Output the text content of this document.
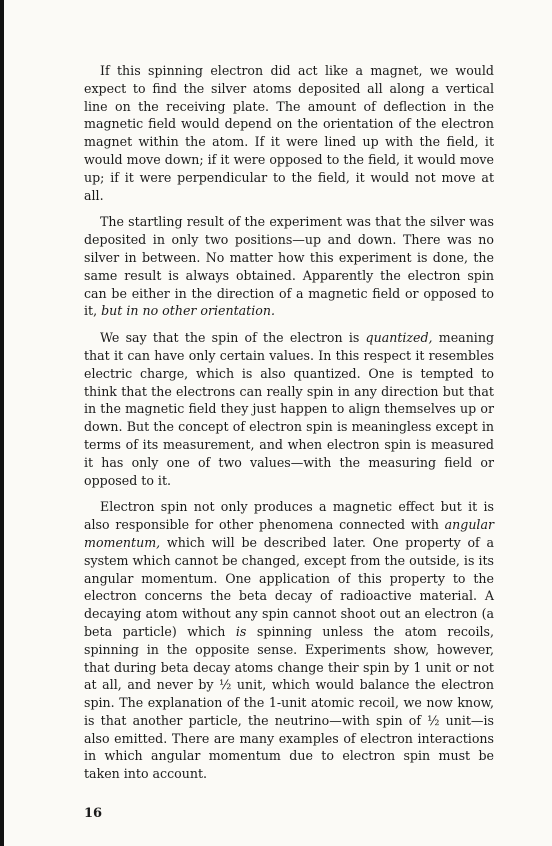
If this spinning electron did act like a magnet, we would expect to find the silver atoms deposited all along a vertical line on the receiving plate. The amount of deflection in the magnetic field would depend on the orientation of the electron magnet within the atom. If it were lined up with the field, it would move down; if it were opposed to the field, it would move up; if it were perpendicular to the field, it would not move at all.

The startling result of the experiment was that the silver was deposited in only two positions—up and down. There was no silver in between. No matter how this experiment is done, the same result is always obtained. Apparently the electron spin can be either in the direction of a magnetic field or opposed to it, but in no other orientation.

We say that the spin of the electron is quantized, meaning that it can have only certain values. In this respect it resembles electric charge, which is also quantized. One is tempted to think that the electrons can really spin in any direction but that in the magnetic field they just happen to align themselves up or down. But the concept of electron spin is meaningless except in terms of its measurement, and when electron spin is measured it has only one of two values—with the measuring field or opposed to it.

Electron spin not only produces a magnetic effect but it is also responsible for other phenomena connected with angular momentum, which will be described later. One property of a system which cannot be changed, except from the outside, is its angular momentum. One application of this property to the electron concerns the beta decay of radioactive material. A decaying atom without any spin cannot shoot out an electron (a beta particle) which is spinning unless the atom recoils, spinning in the opposite sense. Experiments show, however, that during beta decay atoms change their spin by 1 unit or not at all, and never by ½ unit, which would balance the electron spin. The explanation of the 1-unit atomic recoil, we now know, is that another particle, the neutrino—with spin of ½ unit—is also emitted. There are many examples of electron interactions in which angular momentum due to electron spin must be taken into account.

16
